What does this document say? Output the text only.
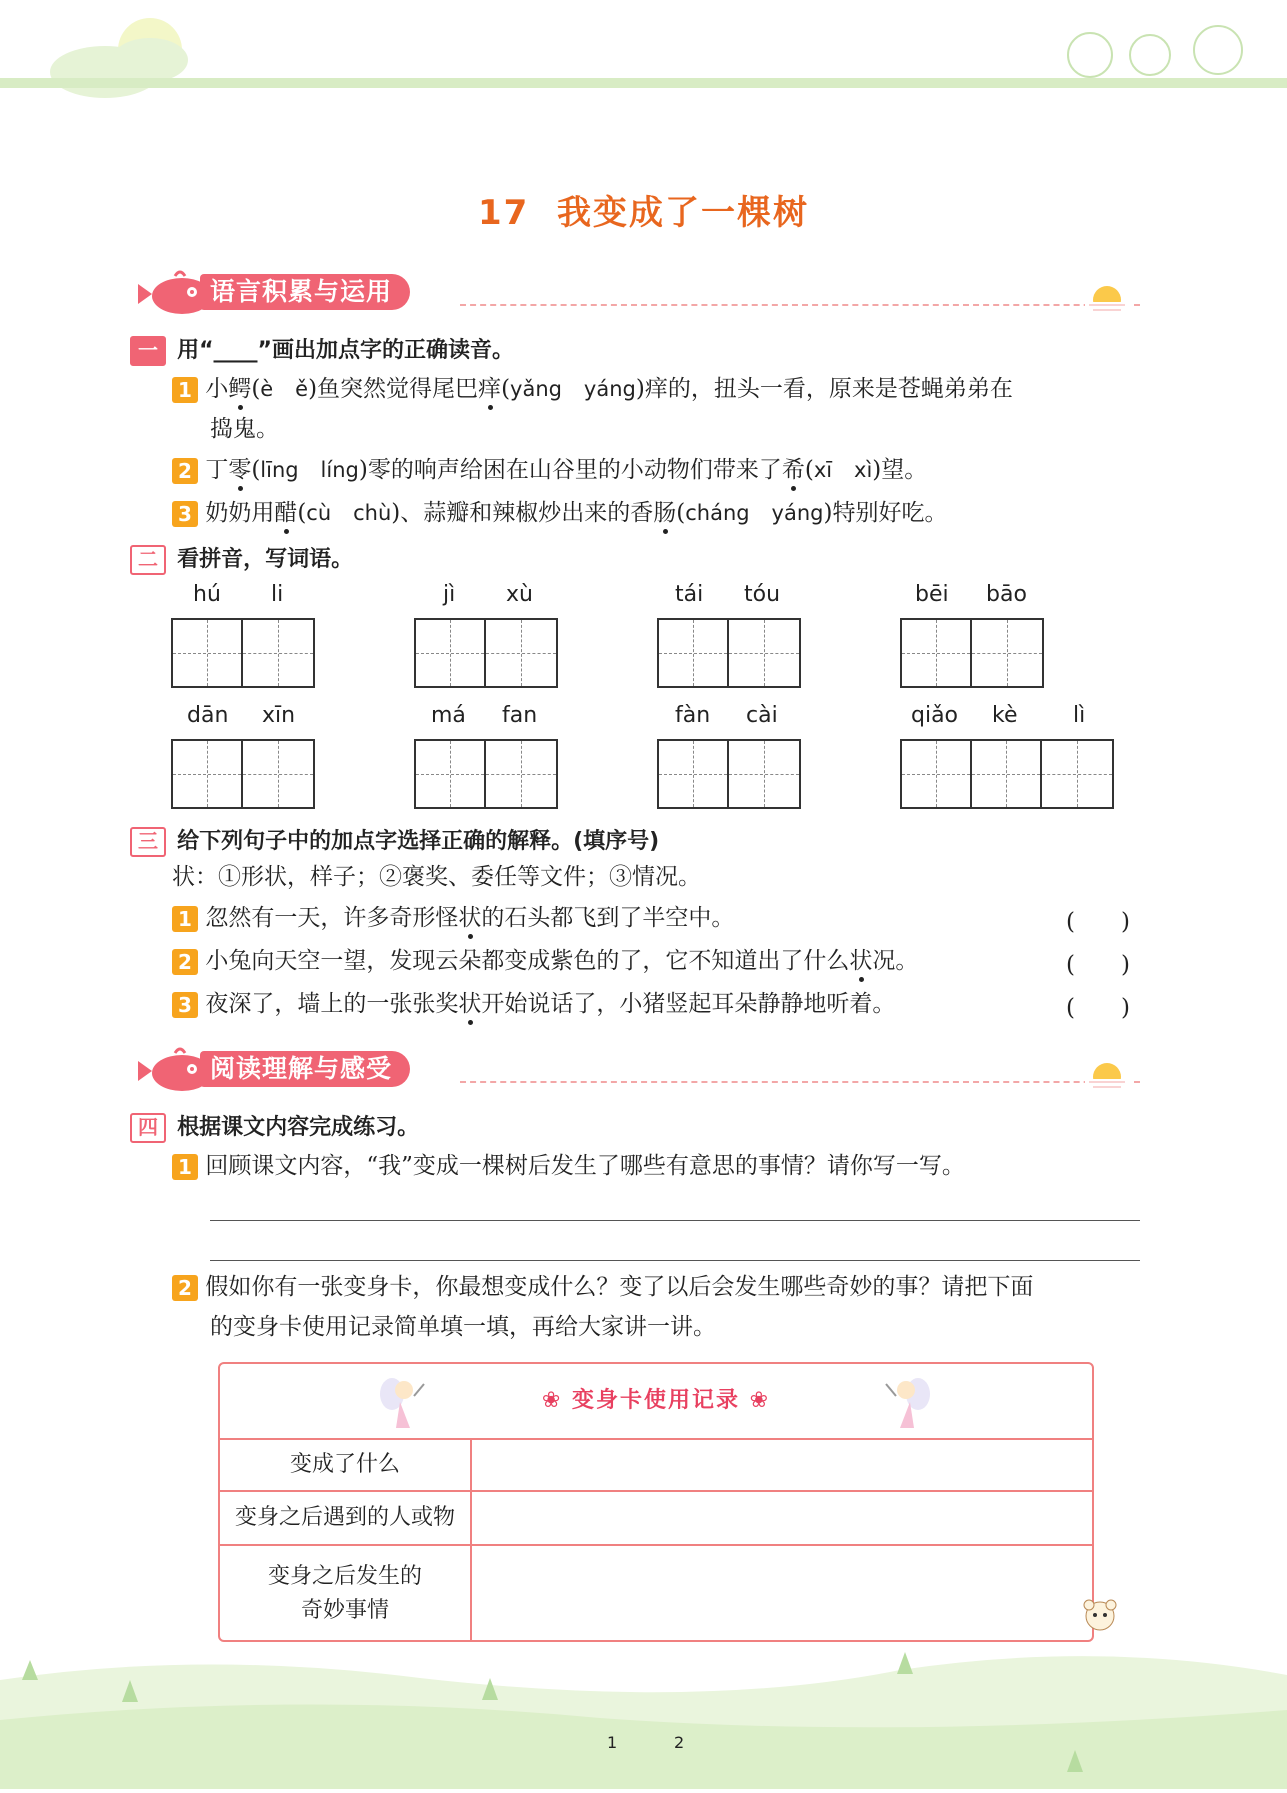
17 我变成了一棵树
语言积累与运用
一 用“____”画出加点字的正确读音。
1 小鳄(è ě)鱼突然觉得尾巴痒(yǎng yáng)痒的，扭头一看，原来是苍蝇弟弟在
捣鬼。
2 丁零(līng líng)零的响声给困在山谷里的小动物们带来了希(xī xì)望。
3 奶奶用醋(cù chù)、蒜瓣和辣椒炒出来的香肠(cháng yáng)特别好吃。
二 看拼音，写词语。
hú li	jì xù	tái tóu	bēi bāo
dān xīn	má fan	fàn cài	qiǎo kè	lì
三 给下列句子中的加点字选择正确的解释。(填序号)
状：①形状，样子；②褒奖、委任等文件；③情况。
1 忽然有一天，许多奇形怪状的石头都飞到了半空中。	(　　)
2 小兔向天空一望，发现云朵都变成紫色的了，它不知道出了什么状况。	(　　)
3 夜深了，墙上的一张张奖状开始说话了，小猪竖起耳朵静静地听着。	(　　)
阅读理解与感受
四 根据课文内容完成练习。
1 回顾课文内容，“我”变成一棵树后发生了哪些有意思的事情？请你写一写。
2 假如你有一张变身卡，你最想变成什么？变了以后会发生哪些奇妙的事？请把下面
的变身卡使用记录简单填一填，再给大家讲一讲。
❀ 变身卡使用记录 ❀
变成了什么
变身之后遇到的人或物
变身之后发生的
奇妙事情
1	2
